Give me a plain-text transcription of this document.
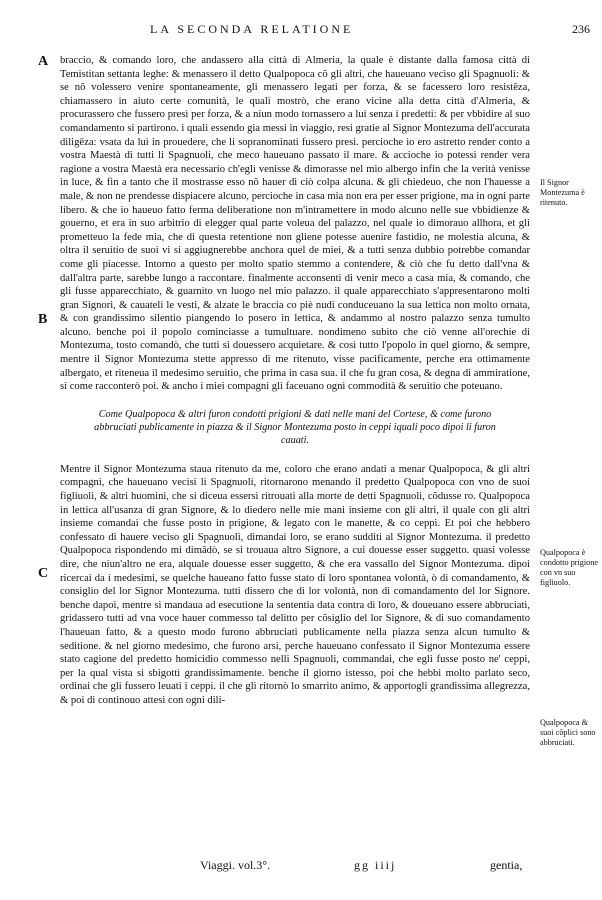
LA SECONDA RELATIONE	236
A
B
C

braccio, & comando loro, che andassero alla città di Almeria, la quale è distante dalla famosa città di Temistitan settanta leghe: & menassero il detto Qualpopoca cõ gli altri, che haueuano veciso gli Spagnuoli: & se nõ volessero venire spontaneamente, gli menassero legati per forza, & se facessero loro resistēza, chiamassero in aiuto certe comunità, le quali mostrò, che erano vicine alla detta città d'Almeria, & procurassero che fussero presi per forza, & a niun modo tornassero a lui senza i predetti: & per vbbidire al suo comandamento si partirono. i quali essendo gia messi in viaggio, resi gratie al Signor Montezuma dell'accurata diligēza: vsata da lui in prouedere, che li sopranominati fussero presi. percioche io ero astretto render conto a vostra Maestà di tutti li Spagnuoli, che meco haueuano passato il mare. & accioche io potessi render vera ragione a vostra Maestà era necessario ch'egli venisse & dimorasse nel mio albergo infin che la verità venisse in luce, & fin a tanto che il mostrasse esso nõ hauer di ciò colpa alcuna. & gli chiedeuo, che non l'hauesse a male, & non ne prendesse dispiacere alcuno, percioche in casa mia non era per esser prigione, ma in ogni parte libero. & che io haueuo fatto ferma deliberatione non m'intramettere in modo alcuno nelle sue vbbidienze & gouerno, et era in suo arbitrio di elegger qual parte voleua del palazzo, nel quale io dimorauo allhora, et gli prometteuo la fede mia, che di questa retentione non gliene potesse auenire fastidio, ne molestia alcuna, & oltra il seruitio de suoi vi si aggiugnerebbe anchora quel de miei, & a tutti senza dubbio potrebbe comandar come gli piacesse. Intorno a questo per molto spatio stemmo a contendere, & ciò che fu detto dall'vna & dall'altra parte, sarebbe lungo a raccontare. finalmente acconsentì di venir meco a casa mia, & comando, che gli fusse apparecchiato, & guarnito vn luogo nel mio palazzo. il quale apparecchiato s'appresentarono molti gran Signori, & cauateli le vesti, & alzate le braccia co piè nudi conduceuano la sua lettica non molto ornata, & con grandissimo silentio piangendo lo posero in lettica, & andammo al nostro palazzo senza tumulto alcuno. benche poi il popolo cominciasse a tumultuare. nondimeno subito che ciò venne all'orechie di Montezuma, tosto comandò, che tutti si douessero acquietare. & così tutto l'popolo in quel giorno, & sempre, mentre il Signor Montezuma stette appresso di me ritenuto, visse pacificamente, perche era ottimamente albergato, et riteneua il medesimo seruitio, che prima in casa sua. il che fu gran cosa, & degna di ammiratione, sì come racconterò poi. & ancho i miei compagni gli faceuano ogni commodità & seruitio che poteuano.

Come Qualpopoca & altri furon condotti prigioni & dati nelle mani del Cortese, & come furono abbruciati publicamente in piazza & il Signor Montezuma posto in ceppi iquali poco dipoi li furon cauati.

Mentre il Signor Montezuma staua ritenuto da me, coloro che erano andati a menar Qualpopoca, & gli altri compagni, che haueuano vecisi li Spagnuoli, ritornarono menando il predetto Qualpopoca con vno de suoi figliuoli, & altri huomini, che si diceua essersi ritrouati alla morte de detti Spagnuoli, cõdusse ro. Qualpopoca in lettica all'usanza di gran Signore, & lo diedero nelle mie mani insieme con gli altri, il quale con gli altri insieme comandai che fusse posto in prigione, & legato con le manette, & co ceppi. Et poi che hebbero confessato di hauere veciso gli Spagnuoli, dimandai loro, se erano sudditi al Signor Montezuma. il predetto Qualpopoca rispondendo mi dimādò, se si trouaua altro Signore, a cui douesse esser suggetto. quasi volesse dire, che niun'altro ne era, alquale douesse esser suggetto, & che era vassallo del Signor Montezuma. dipoi ricercai da i medesimi, se quelche haueano fatto fusse stato di loro spontanea volontà, ò di comandamento, & consiglio del lor Signor Montezuma. tutti dissero che di lor volontà, non di comandamento del lor Signore. benche dapoi, mentre si mandaua ad esecutione la sententia data contra di loro, & doueuano essere abbruciati, gridassero tutti ad vna voce hauer commesso tal delitto per cõsiglio del lor Signore, & di suo comandamento l'haueuan fatto, & a questo modo furono abbruciati publicamente nella piazza senza alcun tumulto & seditione. & nel giorno medesimo, che furono arsi, perche haueuano confessato il Signor Montezuma essere stato cagione del predetto homicidio commesso nelli Spagnuoli, commandai, che egli fusse posto ne' ceppi, per la qual vista si sbigottì grandissimamente. benche il giorno istesso, poi che hebbi molto parlato seco, ordinai che gli fussero leuati i ceppi. il che gli ritornò lo smarrito animo, & apportogli grandissima allegrezza, & poi di continouo attesi con ogni dili-

Il Signor Montezuma è ritenuto.
Qualpopoca è condotto prigione con vn suo figliuolo.
Qualpopoca & suoi cõplici sono abbruciati.
Viaggi. vol.3°.	gg iiij	gentia,
